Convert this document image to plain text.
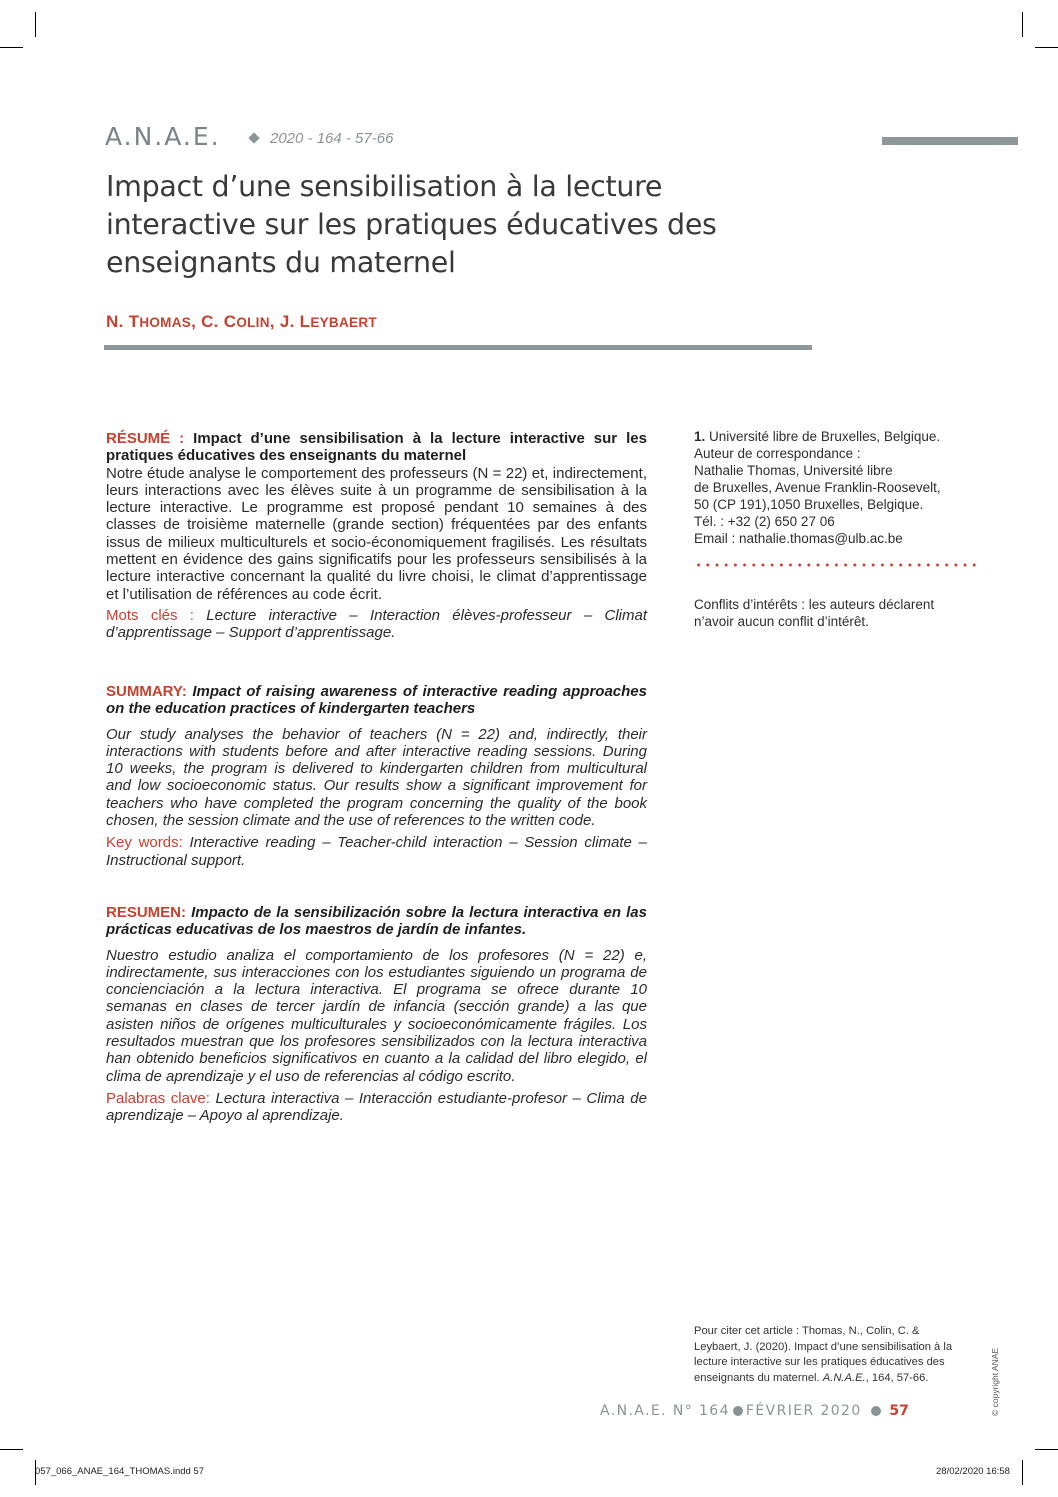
A.N.A.E.	2020 - 164 - 57-66
Impact d’une sensibilisation à la lecture interactive sur les pratiques éducatives des enseignants du maternel
N. THOMAS, C. COLIN, J. LEYBAERT

RÉSUMÉ : Impact d’une sensibilisation à la lecture interactive sur les pratiques éducatives des enseignants du maternel

Notre étude analyse le comportement des professeurs (N = 22) et, indirectement, leurs interactions avec les élèves suite à un programme de sensibilisation à la lecture interactive. Le programme est proposé pendant 10 semaines à des classes de troisième maternelle (grande section) fréquentées par des enfants issus de milieux multiculturels et socio-économiquement fragilisés. Les résultats mettent en évidence des gains significatifs pour les professeurs sensibilisés à la lecture interactive concernant la qualité du livre choisi, le climat d’apprentissage et l’utilisation de références au code écrit.

Mots clés : Lecture interactive – Interaction élèves-professeur – Climat d’apprentissage – Support d’apprentissage.

SUMMARY: Impact of raising awareness of interactive reading approaches on the education practices of kindergarten teachers

Our study analyses the behavior of teachers (N = 22) and, indirectly, their interactions with students before and after interactive reading sessions. During 10 weeks, the program is delivered to kindergarten children from multicultural and low socioeconomic status. Our results show a significant improvement for teachers who have completed the program concerning the quality of the book chosen, the session climate and the use of references to the written code.

Key words: Interactive reading – Teacher-child interaction – Session climate – Instructional support.

RESUMEN: Impacto de la sensibilización sobre la lectura interactiva en las prácticas educativas de los maestros de jardín de infantes.

Nuestro estudio analiza el comportamiento de los profesores (N = 22) e, indirectamente, sus interacciones con los estudiantes siguiendo un programa de concienciación a la lectura interactiva. El programa se ofrece durante 10 semanas en clases de tercer jardín de infancia (sección grande) a las que asisten niños de orígenes multiculturales y socioeconómicamente frágiles. Los resultados muestran que los profesores sensibilizados con la lectura interactiva han obtenido beneficios significativos en cuanto a la calidad del libro elegido, el clima de aprendizaje y el uso de referencias al código escrito.

Palabras clave: Lectura interactiva – Interacción estudiante-profesor – Clima de aprendizaje – Apoyo al aprendizaje.

1. Université libre de Bruxelles, Belgique.
Auteur de correspondance :
Nathalie Thomas, Université libre
de Bruxelles, Avenue Franklin-Roosevelt,
50 (CP 191),1050 Bruxelles, Belgique.
Tél. : +32 (2) 650 27 06
Email : nathalie.thomas@ulb.ac.be
Conflits d’intérêts : les auteurs déclarent n’avoir aucun conflit d’intérêt.
Pour citer cet article : Thomas, N., Colin, C. & Leybaert, J. (2020). Impact d’une sensibilisation à la lecture interactive sur les pratiques éducatives des enseignants du maternel. A.N.A.E., 164, 57-66.
A.N.A.E. N° 164 FÉVRIER 2020 57	© copyright ANAE
057_066_ANAE_164_THOMAS.indd 57	28/02/2020 16:58
